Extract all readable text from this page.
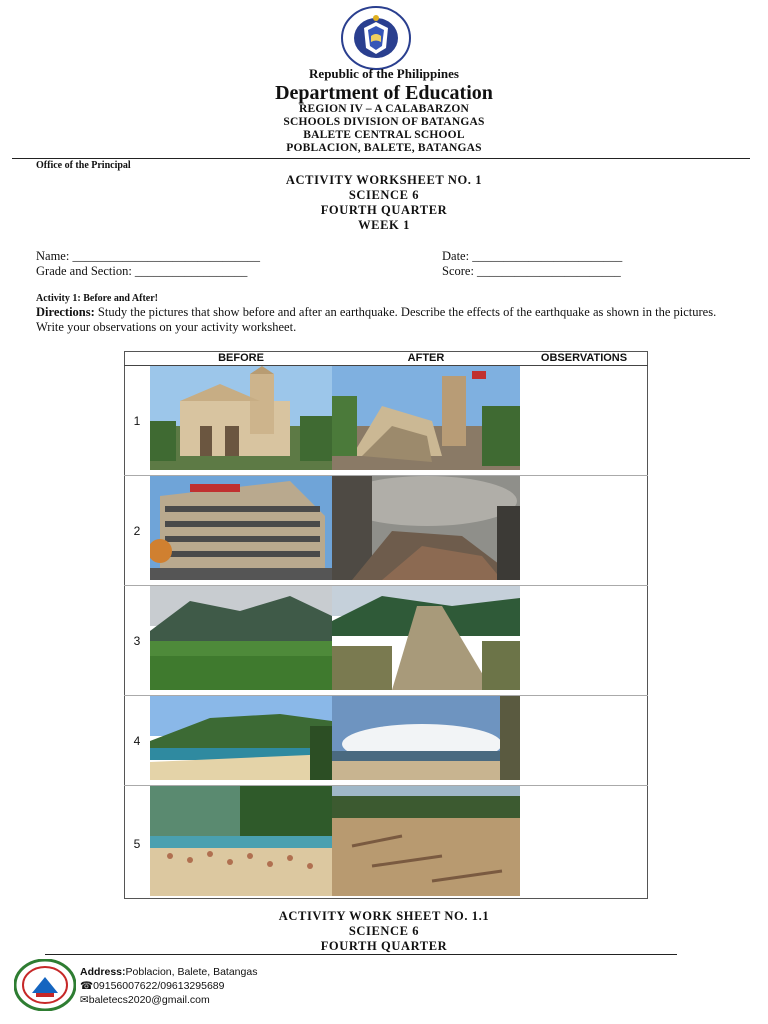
Republic of the Philippines
Department of Education
REGION IV – A CALABARZON
SCHOOLS DIVISION OF BATANGAS
BALETE CENTRAL SCHOOL
POBLACION, BALETE, BATANGAS
Office of the Principal
ACTIVITY WORKSHEET NO. 1
SCIENCE 6
FOURTH QUARTER
WEEK 1
Name: ______________________________	Date: ________________________
Grade and Section: __________________	Score: _______________________
Activity 1: Before and After!
Directions: Study the pictures that show before and after an earthquake. Describe the effects of the earthquake as shown in the pictures. Write your observations on your activity worksheet.
	BEFORE	AFTER	OBSERVATIONS
1			
2			
3			
4			
5			
ACTIVITY WORK SHEET NO. 1.1
SCIENCE 6
FOURTH QUARTER
Address:Poblacion, Balete, Batangas
☎09156007622/09613295689
✉baletecs2020@gmail.com
